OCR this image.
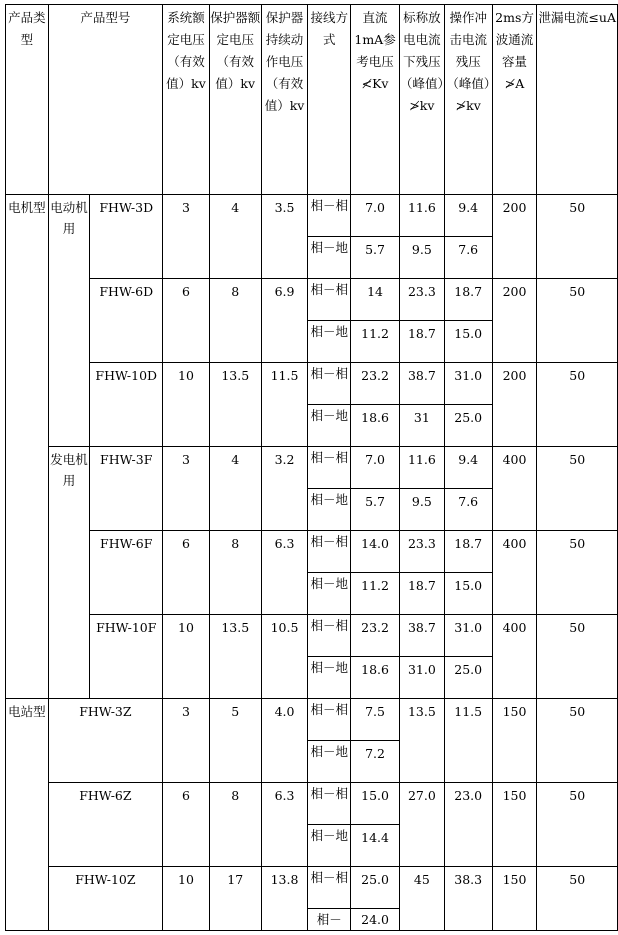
产品类型	产品型号		系统额定电压（有效值）kv	保护器额定电压（有效值）kv	保护器持续动作电压（有效值）kv	接线方式	直流1mA参考电压≮Kv	标称放电电流下残压（峰值）≯kv	操作冲击电流残压（峰值）≯kv	2ms方波通流容量≯A	泄漏电流≤uA
电机型	电动机用	FHW-3D	3	4	3.5	相－相	7.0	11.6	9.4	200	50
						相－地	5.7	9.5	7.6		
		FHW-6D	6	8	6.9	相－相	14	23.3	18.7	200	50
						相－地	11.2	18.7	15.0		
		FHW-10D	10	13.5	11.5	相－相	23.2	38.7	31.0	200	50
						相－地	18.6	31	25.0		
	发电机用	FHW-3F	3	4	3.2	相－相	7.0	11.6	9.4	400	50
						相－地	5.7	9.5	7.6		
		FHW-6F	6	8	6.3	相－相	14.0	23.3	18.7	400	50
						相－地	11.2	18.7	15.0		
		FHW-10F	10	13.5	10.5	相－相	23.2	38.7	31.0	400	50
						相－地	18.6	31.0	25.0		
电站型	FHW-3Z		3	5	4.0	相－相	7.5	13.5	11.5	150	50
						相－地	7.2				
	FHW-6Z		6	8	6.3	相－相	15.0	27.0	23.0	150	50
						相－地	14.4				
	FHW-10Z		10	17	13.8	相－相	25.0	45	38.3	150	50
						相－	24.0				
